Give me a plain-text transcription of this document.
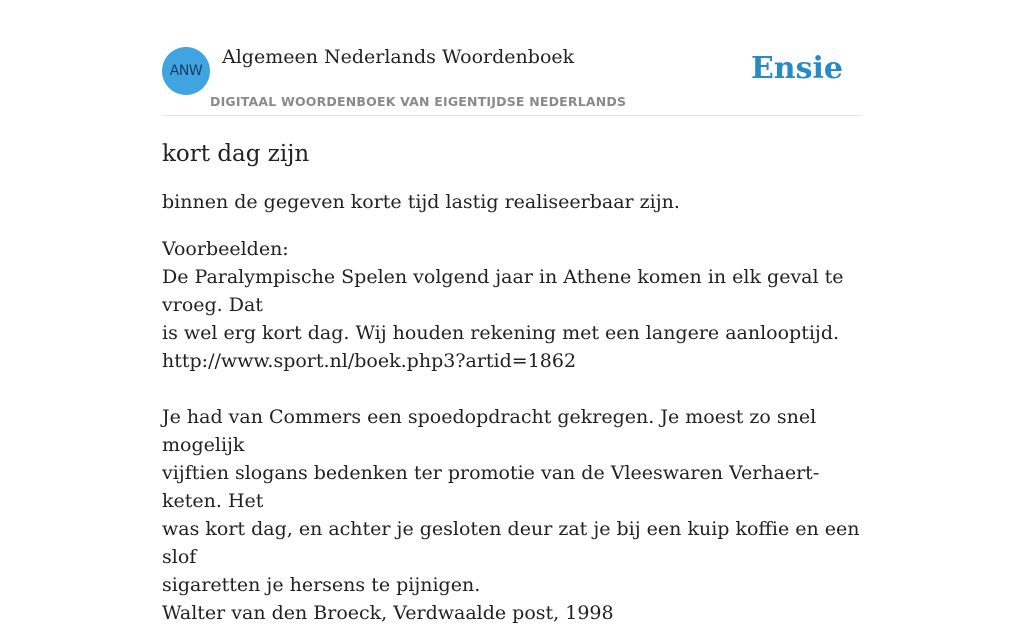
ANW
Algemeen Nederlands Woordenboek
DIGITAAL WOORDENBOEK VAN EIGENTIJDSE NEDERLANDS
Ensie
kort dag zijn

binnen de gegeven korte tijd lastig realiseerbaar zijn.

Voorbeelden:
De Paralympische Spelen volgend jaar in Athene komen in elk geval te vroeg. Dat
is wel erg kort dag. Wij houden rekening met een langere aanlooptijd.
http://www.sport.nl/boek.php3?artid=1862
Je had van Commers een spoedopdracht gekregen. Je moest zo snel mogelijk
vijftien slogans bedenken ter promotie van de Vleeswaren Verhaert-keten. Het
was kort dag, en achter je gesloten deur zat je bij een kuip koffie en een slof
sigaretten je hersens te pijnigen.
Walter van den Broeck, Verdwaalde post, 1998
